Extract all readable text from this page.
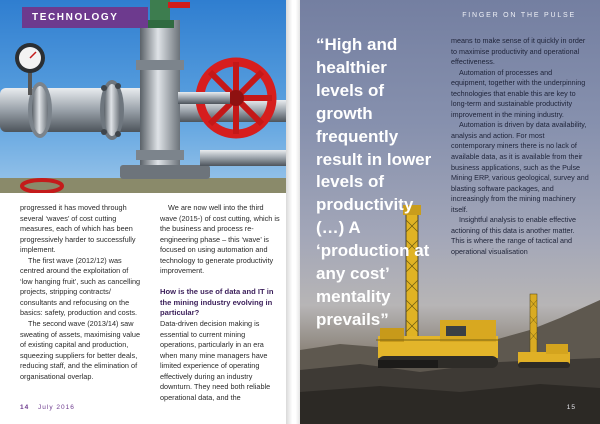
TECHNOLOGY

progressed it has moved through several ‘waves’ of cost cutting measures, each of which has been progressively harder to successfully implement.

The first wave (2012/12) was centred around the exploitation of ‘low hanging fruit’, such as cancelling projects, stripping contracts/ consultants and refocusing on the basics: safety, production and costs.

The second wave (2013/14) saw sweating of assets, maximising value of existing capital and production, squeezing suppliers for better deals, reducing staff, and the elimination of organisational overlap.

We are now well into the third wave (2015-) of cost cutting, which is the business and process re-engineering phase – this ‘wave’ is focused on using automation and technology to generate productivity improvement.

How is the use of data and IT in the mining industry evolving in particular?

Data-driven decision making is essential to current mining operations, particularly in an era when many mine managers have limited experience of operating effectively during an industry downturn. They need both reliable operational data, and the

14 July 2016
FINGER ON THE PULSE
“High and healthier levels of growth frequently result in lower levels of productivity (…) A ‘production at any cost’ mentality prevails”

means to make sense of it quickly in order to maximise productivity and operational effectiveness.

Automation of processes and equipment, together with the underpinning technologies that enable this are key to long-term and sustainable productivity improvement in the mining industry.

Automation is driven by data availability, analysis and action. For most contemporary miners there is no lack of available data, as it is available from their business applications, such as the Pulse Mining ERP, various geological, survey and blasting software packages, and increasingly from the mining machinery itself.

Insightful analysis to enable effective actioning of this data is another matter. This is where the range of tactical and operational visualisation

15
